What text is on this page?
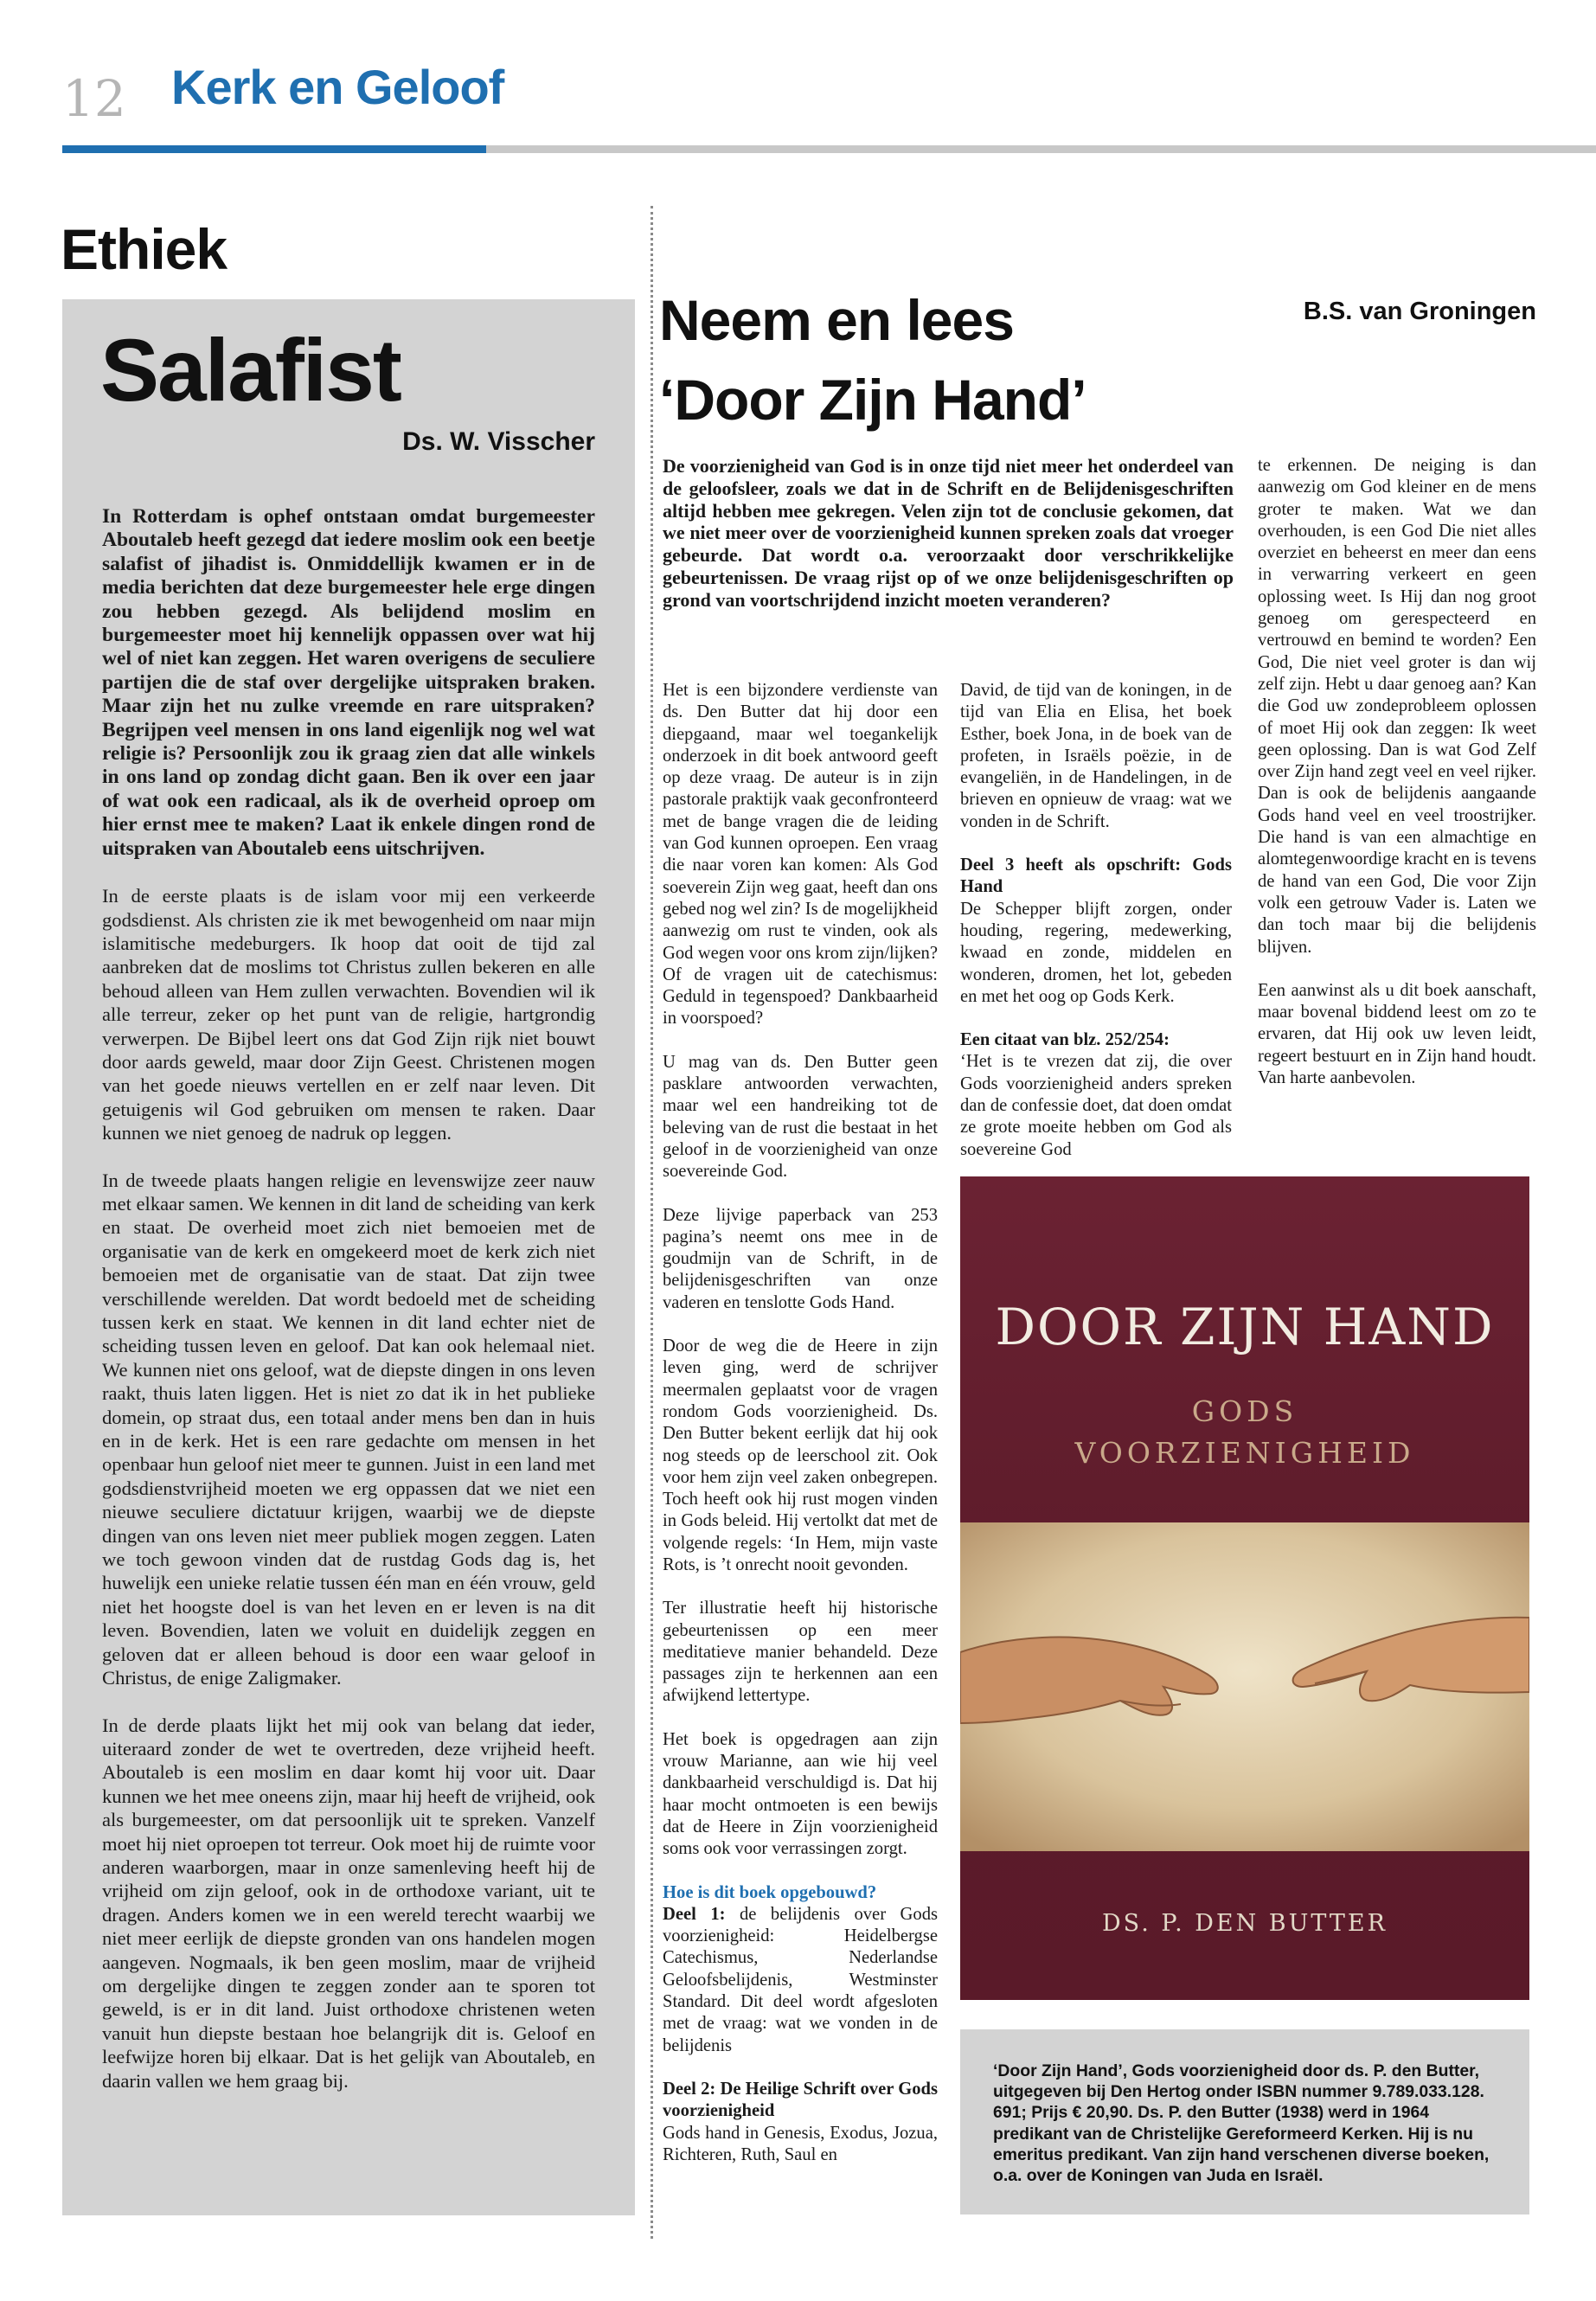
12 Kerk en Geloof
Ethiek
Salafist
Ds. W. Visscher

In Rotterdam is ophef ontstaan omdat burgemeester Aboutaleb heeft gezegd dat iedere moslim ook een beetje salafist of jihadist is. Onmiddellijk kwamen er in de media berichten dat deze burgemeester hele erge dingen zou hebben gezegd. Als belijdend moslim en burgemeester moet hij kennelijk oppassen over wat hij wel of niet kan zeggen. Het waren overigens de seculiere partijen die de staf over dergelijke uitspraken braken. Maar zijn het nu zulke vreemde en rare uitspraken? Begrijpen veel mensen in ons land eigenlijk nog wel wat religie is? Persoonlijk zou ik graag zien dat alle winkels in ons land op zondag dicht gaan. Ben ik over een jaar of wat ook een radicaal, als ik de overheid oproep om hier ernst mee te maken? Laat ik enkele dingen rond de uitspraken van Aboutaleb eens uitschrijven.

In de eerste plaats is de islam voor mij een verkeerde godsdienst. Als christen zie ik met bewogenheid om naar mijn islamitische medeburgers. Ik hoop dat ooit de tijd zal aanbreken dat de moslims tot Christus zullen bekeren en alle behoud alleen van Hem zullen verwachten. Bovendien wil ik alle terreur, zeker op het punt van de religie, hartgrondig verwerpen. De Bijbel leert ons dat God Zijn rijk niet bouwt door aards geweld, maar door Zijn Geest. Christenen mogen van het goede nieuws vertellen en er zelf naar leven. Dit getuigenis wil God gebruiken om mensen te raken. Daar kunnen we niet genoeg de nadruk op leggen.

In de tweede plaats hangen religie en levenswijze zeer nauw met elkaar samen. We kennen in dit land de scheiding van kerk en staat. De overheid moet zich niet bemoeien met de organisatie van de kerk en omgekeerd moet de kerk zich niet bemoeien met de organisatie van de staat. Dat zijn twee verschillende werelden. Dat wordt bedoeld met de scheiding tussen kerk en staat. We kennen in dit land echter niet de scheiding tussen leven en geloof. Dat kan ook helemaal niet. We kunnen niet ons geloof, wat de diepste dingen in ons leven raakt, thuis laten liggen. Het is niet zo dat ik in het publieke domein, op straat dus, een totaal ander mens ben dan in huis en in de kerk. Het is een rare gedachte om mensen in het openbaar hun geloof niet meer te gunnen. Juist in een land met godsdienstvrijheid moeten we erg oppassen dat we niet een nieuwe seculiere dictatuur krijgen, waarbij we de diepste dingen van ons leven niet meer publiek mogen zeggen. Laten we toch gewoon vinden dat de rustdag Gods dag is, het huwelijk een unieke relatie tussen één man en één vrouw, geld niet het hoogste doel is van het leven en er leven is na dit leven. Bovendien, laten we voluit en duidelijk zeggen en geloven dat er alleen behoud is door een waar geloof in Christus, de enige Zaligmaker.

In de derde plaats lijkt het mij ook van belang dat ieder, uiteraard zonder de wet te overtreden, deze vrijheid heeft. Aboutaleb is een moslim en daar komt hij voor uit. Daar kunnen we het mee oneens zijn, maar hij heeft de vrijheid, ook als burgemeester, om dat persoonlijk uit te spreken. Vanzelf moet hij niet oproepen tot terreur. Ook moet hij de ruimte voor anderen waarborgen, maar in onze samenleving heeft hij de vrijheid om zijn geloof, ook in de orthodoxe variant, uit te dragen. Anders komen we in een wereld terecht waarbij we niet meer eerlijk de diepste gronden van ons handelen mogen aangeven. Nogmaals, ik ben geen moslim, maar de vrijheid om dergelijke dingen te zeggen zonder aan te sporen tot geweld, is er in dit land. Juist orthodoxe christenen weten vanuit hun diepste bestaan hoe belangrijk dit is. Geloof en leefwijze horen bij elkaar. Dat is het gelijk van Aboutaleb, en daarin vallen we hem graag bij.

Neem en lees
‘Door Zijn Hand’
B.S. van Groningen

De voorzienigheid van God is in onze tijd niet meer het onderdeel van de geloofsleer, zoals we dat in de Schrift en de Belijdenisgeschriften altijd hebben mee gekregen. Velen zijn tot de conclusie gekomen, dat we niet meer over de voorzienigheid kunnen spreken zoals dat vroeger gebeurde. Dat wordt o.a. veroorzaakt door verschrikkelijke gebeurtenissen. De vraag rijst op of we onze belijdenisgeschriften op grond van voortschrijdend inzicht moeten veranderen?

Het is een bijzondere verdienste van ds. Den Butter dat hij door een diepgaand, maar wel toegankelijk onderzoek in dit boek antwoord geeft op deze vraag. De auteur is in zijn pastorale praktijk vaak geconfronteerd met de bange vragen die de leiding van God kunnen oproepen. Een vraag die naar voren kan komen: Als God soeverein Zijn weg gaat, heeft dan ons gebed nog wel zin? Is de mogelijkheid aanwezig om rust te vinden, ook als God wegen voor ons krom zijn/lijken? Of de vragen uit de catechismus: Geduld in tegenspoed? Dankbaarheid in voorspoed?

U mag van ds. Den Butter geen pasklare antwoorden verwachten, maar wel een handreiking tot de beleving van de rust die bestaat in het geloof in de voorzienigheid van onze soevereinde God.

Deze lijvige paperback van 253 pagina’s neemt ons mee in de goudmijn van de Schrift, in de belijdenisgeschriften van onze vaderen en tenslotte Gods Hand.

Door de weg die de Heere in zijn leven ging, werd de schrijver meermalen geplaatst voor de vragen rondom Gods voorzienigheid. Ds. Den Butter bekent eerlijk dat hij ook nog steeds op de leerschool zit. Ook voor hem zijn veel zaken onbegrepen. Toch heeft ook hij rust mogen vinden in Gods beleid. Hij vertolkt dat met de volgende regels: ‘In Hem, mijn vaste Rots, is ’t onrecht nooit gevonden.

Ter illustratie heeft hij historische gebeurtenissen op een meer meditatieve manier behandeld. Deze passages zijn te herkennen aan een afwijkend lettertype.

Het boek is opgedragen aan zijn vrouw Marianne, aan wie hij veel dankbaarheid verschuldigd is. Dat hij haar mocht ontmoeten is een bewijs dat de Heere in Zijn voorzienigheid soms ook voor verrassingen zorgt.

Hoe is dit boek opgebouwd?
Deel 1: de belijdenis over Gods voorzienigheid: Heidelbergse Catechismus, Nederlandse Geloofsbelijdenis, Westminster Standard. Dit deel wordt afgesloten met de vraag: wat we vonden in de belijdenis

Deel 2: De Heilige Schrift over Gods voorzienigheid
Gods hand in Genesis, Exodus, Jozua, Richteren, Ruth, Saul en

David, de tijd van de koningen, in de tijd van Elia en Elisa, het boek Esther, boek Jona, in de boek van de profeten, in Israëls poëzie, in de evangeliën, in de Handelingen, in de brieven en opnieuw de vraag: wat we vonden in de Schrift.

Deel 3 heeft als opschrift: Gods Hand
De Schepper blijft zorgen, onder houding, regering, medewerking, kwaad en zonde, middelen en wonderen, dromen, het lot, gebeden en met het oog op Gods Kerk.

Een citaat van blz. 252/254:
‘Het is te vrezen dat zij, die over Gods voorzienigheid anders spreken dan de confessie doet, dat doen omdat ze grote moeite hebben om God als soevereine God

te erkennen. De neiging is dan aanwezig om God kleiner en de mens groter te maken. Wat we dan overhouden, is een God Die niet alles overziet en beheerst en meer dan eens in verwarring verkeert en geen oplossing weet. Is Hij dan nog groot genoeg om gerespecteerd en vertrouwd en bemind te worden? Een God, Die niet veel groter is dan wij zelf zijn. Hebt u daar genoeg aan? Kan die God uw zondeprobleem oplossen of moet Hij ook dan zeggen: Ik weet geen oplossing. Dan is wat God Zelf over Zijn hand zegt veel en veel rijker. Dan is ook de belijdenis aangaande Gods hand veel en veel troostrijker. Die hand is van een almachtige en alomtegenwoordige kracht en is tevens de hand van een God, Die voor Zijn volk een getrouw Vader is. Laten we dan toch maar bij die belijdenis blijven.

Een aanwinst als u dit boek aanschaft, maar bovenal biddend leest om zo te ervaren, dat Hij ook uw leven leidt, regeert bestuurt en in Zijn hand houdt. Van harte aanbevolen.

DOOR ZIJN HAND
GODS
VOORZIENIGHEID
DS. P. DEN BUTTER

‘Door Zijn Hand’, Gods voorzienigheid door ds. P. den Butter, uitgegeven bij Den Hertog onder ISBN nummer 9.789.033.128. 691; Prijs € 20,90. Ds. P. den Butter (1938) werd in 1964 predikant van de Christelijke Gereformeerd Kerken. Hij is nu emeritus predikant. Van zijn hand verschenen diverse boeken, o.a. over de Koningen van Juda en Israël.
